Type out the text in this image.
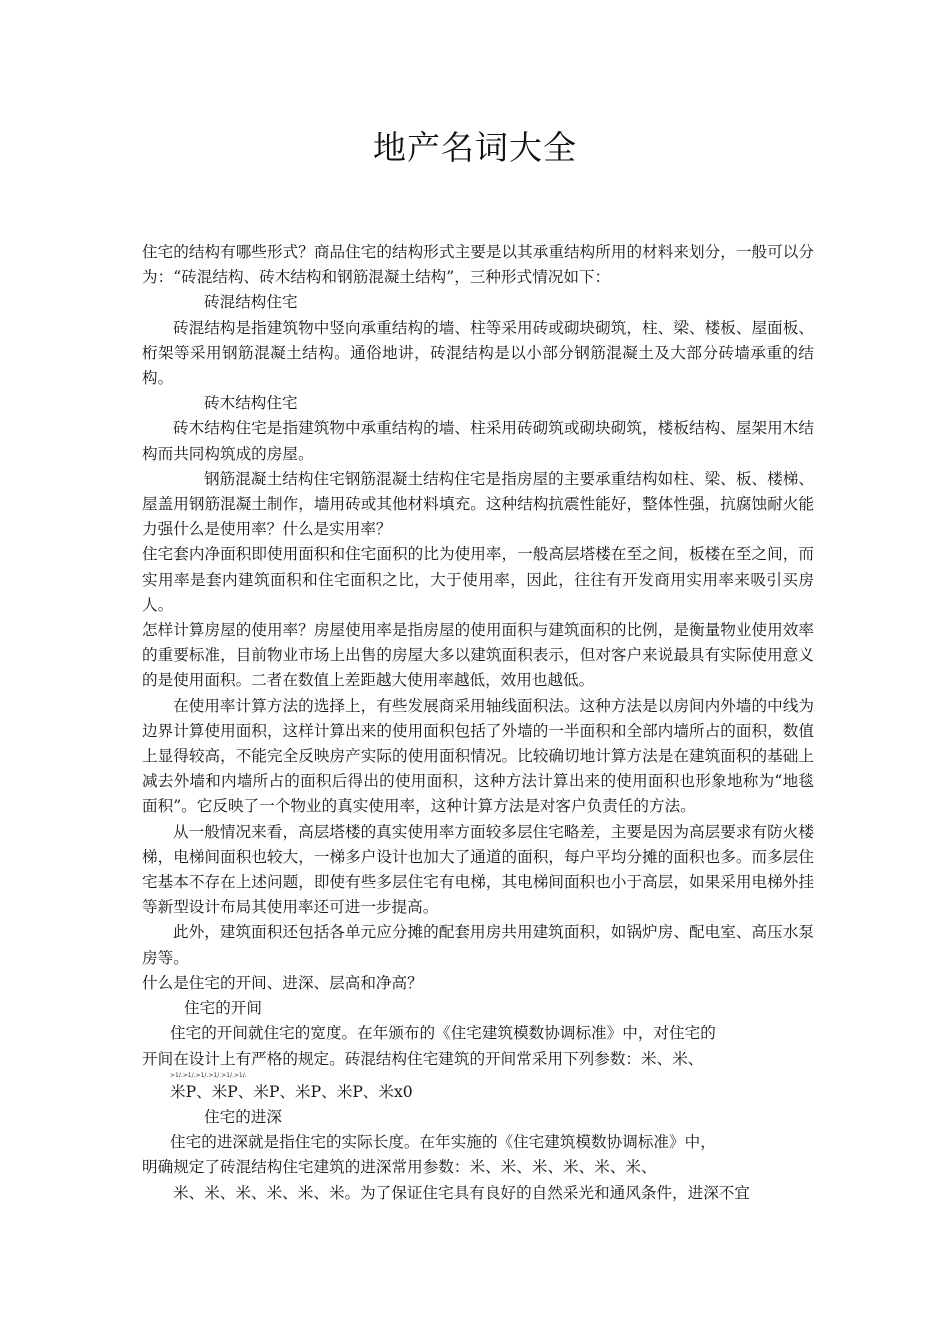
地产名词大全

住宅的结构有哪些形式？商品住宅的结构形式主要是以其承重结构所用的材料来划分，一般可以分为：“砖混结构、砖木结构和钢筋混凝土结构”，三种形式情况如下：

砖混结构住宅

砖混结构是指建筑物中竖向承重结构的墙、柱等采用砖或砌块砌筑，柱、梁、楼板、屋面板、桁架等采用钢筋混凝土结构。通俗地讲，砖混结构是以小部分钢筋混凝土及大部分砖墙承重的结构。

砖木结构住宅

砖木结构住宅是指建筑物中承重结构的墙、柱采用砖砌筑或砌块砌筑，楼板结构、屋架用木结构而共同构筑成的房屋。

钢筋混凝土结构住宅钢筋混凝土结构住宅是指房屋的主要承重结构如柱、梁、板、楼梯、屋盖用钢筋混凝土制作，墙用砖或其他材料填充。这种结构抗震性能好，整体性强，抗腐蚀耐火能力强什么是使用率？什么是实用率？

住宅套内净面积即使用面积和住宅面积的比为使用率，一般高层塔楼在至之间，板楼在至之间，而实用率是套内建筑面积和住宅面积之比，大于使用率，因此，往往有开发商用实用率来吸引买房人。

怎样计算房屋的使用率？房屋使用率是指房屋的使用面积与建筑面积的比例，是衡量物业使用效率的重要标准，目前物业市场上出售的房屋大多以建筑面积表示，但对客户来说最具有实际使用意义的是使用面积。二者在数值上差距越大使用率越低，效用也越低。

在使用率计算方法的选择上，有些发展商采用轴线面积法。这种方法是以房间内外墙的中线为边界计算使用面积，这样计算出来的使用面积包括了外墙的一半面积和全部内墙所占的面积，数值上显得较高，不能完全反映房产实际的使用面积情况。比较确切地计算方法是在建筑面积的基础上减去外墙和内墙所占的面积后得出的使用面积，这种方法计算出来的使用面积也形象地称为“地毯面积”。它反映了一个物业的真实使用率，这种计算方法是对客户负责任的方法。

从一般情况来看，高层塔楼的真实使用率方面较多层住宅略差，主要是因为高层要求有防火楼梯，电梯间面积也较大，一梯多户设计也加大了通道的面积，每户平均分摊的面积也多。而多层住宅基本不存在上述问题，即使有些多层住宅有电梯，其电梯间面积也小于高层，如果采用电梯外挂等新型设计布局其使用率还可进一步提高。

此外，建筑面积还包括各单元应分摊的配套用房共用建筑面积，如锅炉房、配电室、高压水泵房等。

什么是住宅的开间、进深、层高和净高？

住宅的开间

住宅的开间就住宅的宽度。在年颁布的《住宅建筑模数协调标准》中，对住宅的

开间在设计上有严格的规定。砖混结构住宅建筑的开间常采用下列参数：米、米、

>1/.>1/.>1/.>1/.>1/.>1/.

米P、米P、米P、米P、米P、米x0

住宅的进深

住宅的进深就是指住宅的实际长度。在年实施的《住宅建筑模数协调标准》中，

明确规定了砖混结构住宅建筑的进深常用参数：米、米、米、米、米、米、

米、米、米、米、米、米。为了保证住宅具有良好的自然采光和通风条件，进深不宜
